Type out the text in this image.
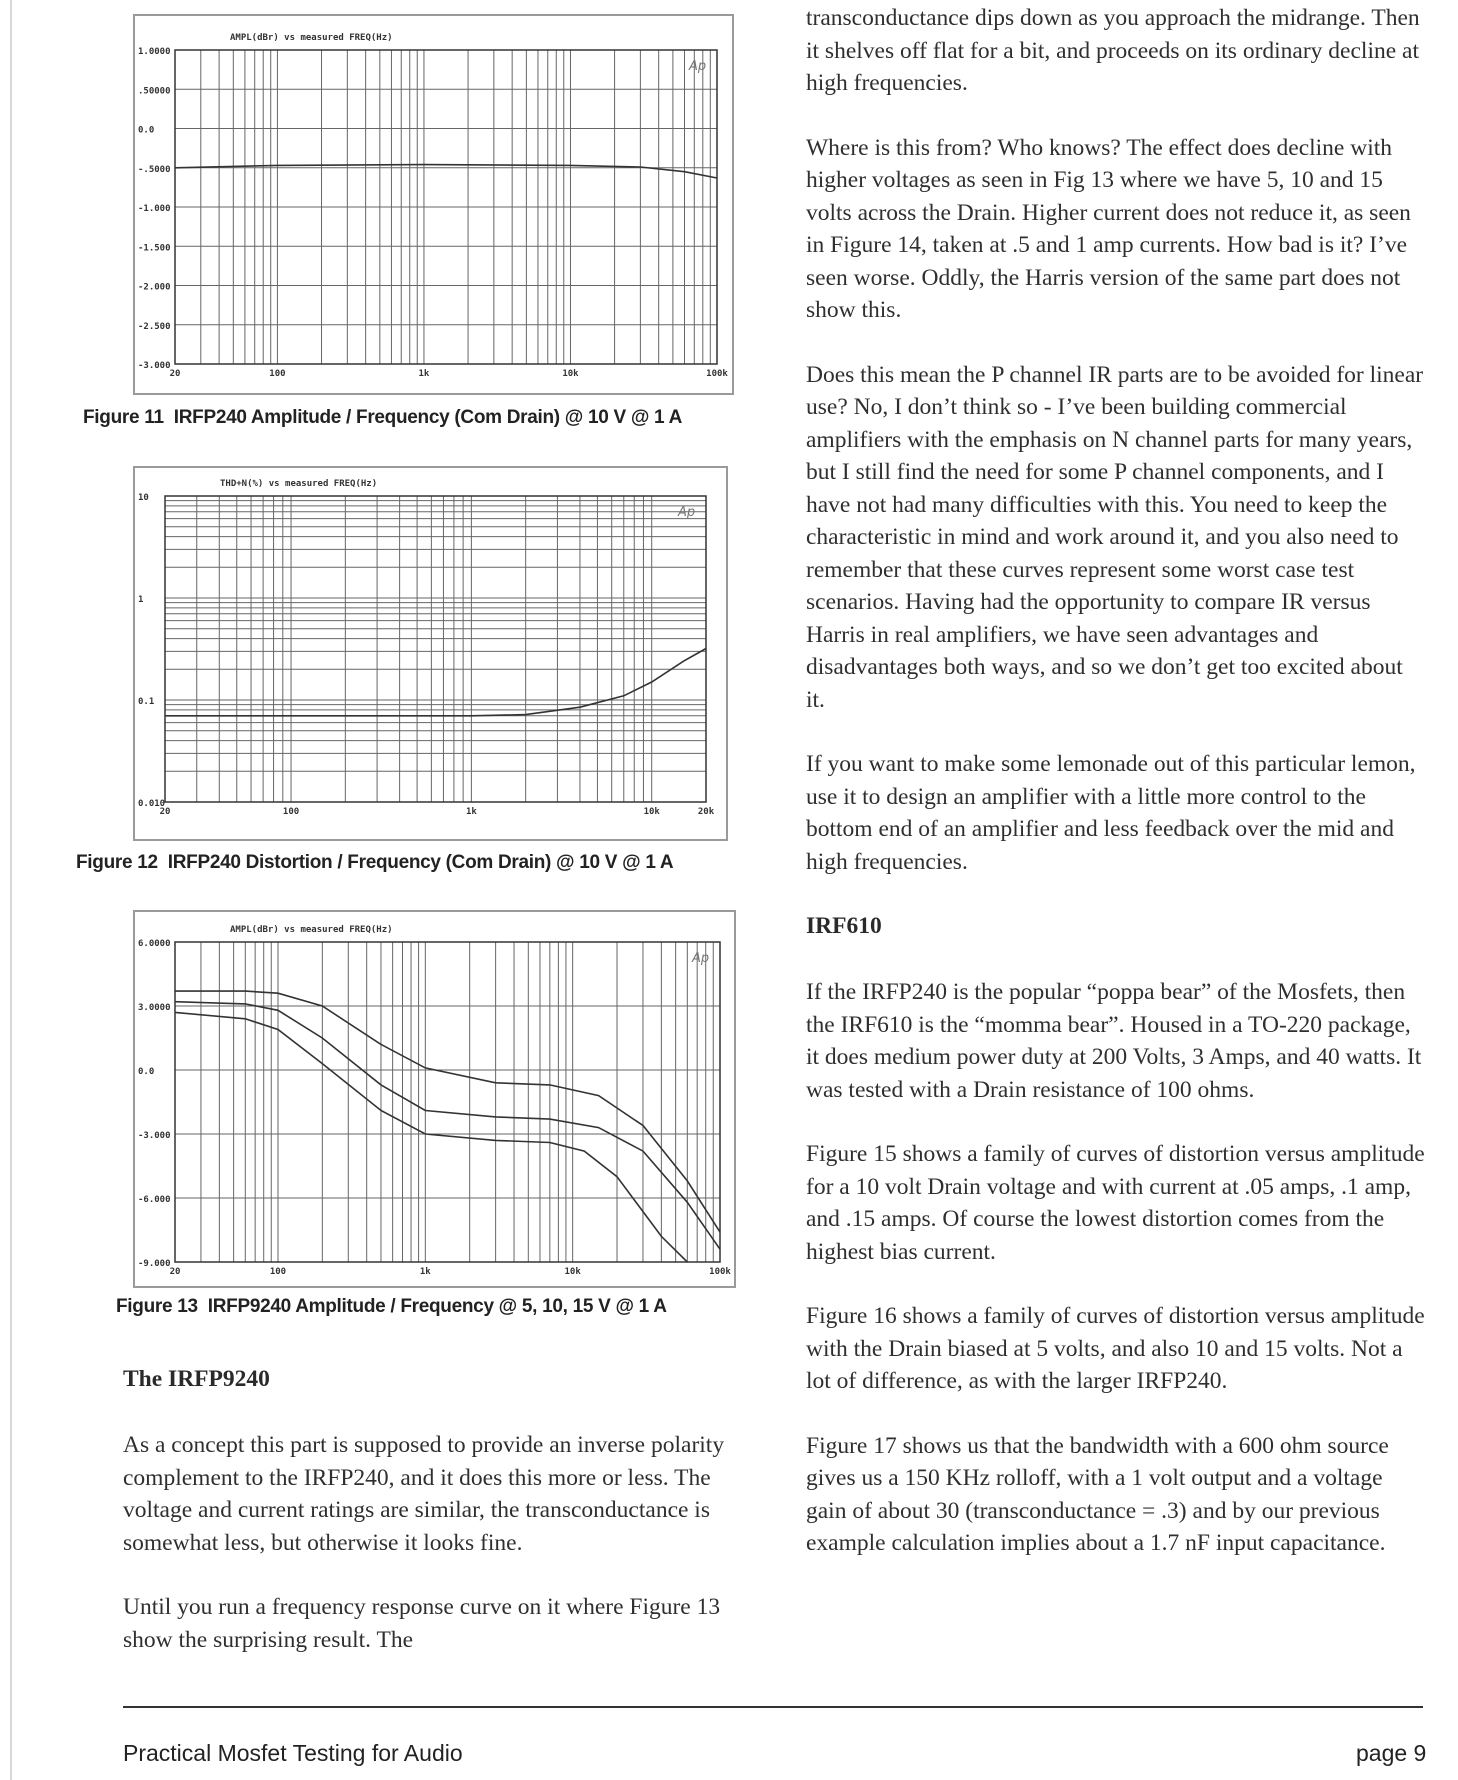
AMPL(dBr) vs measured FREQ(Hz)
1.0000
.50000
0.0
-.5000
-1.000
-1.500
-2.000
-2.500
-3.000
20	100	1k	10k	100k
Ap
Figure 11 IRFP240 Amplitude / Frequency (Com Drain) @ 10 V @ 1 A
THD+N(%) vs measured FREQ(Hz)
10
1
0.1
0.010
20	100	1k	10k	20k
Ap
Figure 12 IRFP240 Distortion / Frequency (Com Drain) @ 10 V @ 1 A
AMPL(dBr) vs measured FREQ(Hz)
6.0000
3.0000
0.0
-3.000
-6.000
-9.000
20	100	1k	10k	100k
Ap
Figure 13 IRFP9240 Amplitude / Frequency @ 5, 10, 15 V @ 1 A
The IRFP9240

As a concept this part is supposed to provide an inverse polarity complement to the IRFP240, and it does this more or less. The voltage and current ratings are similar, the transconductance is somewhat less, but otherwise it looks fine.

Until you run a frequency response curve on it where Figure 13 show the surprising result. The

transconductance dips down as you approach the midrange. Then it shelves off flat for a bit, and proceeds on its ordinary decline at high frequencies.

Where is this from? Who knows? The effect does decline with higher voltages as seen in Fig 13 where we have 5, 10 and 15 volts across the Drain. Higher current does not reduce it, as seen in Figure 14, taken at .5 and 1 amp currents. How bad is it? I’ve seen worse. Oddly, the Harris version of the same part does not show this.

Does this mean the P channel IR parts are to be avoided for linear use? No, I don’t think so - I’ve been building commercial amplifiers with the emphasis on N channel parts for many years, but I still find the need for some P channel components, and I have not had many difficulties with this. You need to keep the characteristic in mind and work around it, and you also need to remember that these curves represent some worst case test scenarios. Having had the opportunity to compare IR versus Harris in real amplifiers, we have seen advantages and disadvantages both ways, and so we don’t get too excited about it.

If you want to make some lemonade out of this particular lemon, use it to design an amplifier with a little more control to the bottom end of an amplifier and less feedback over the mid and high frequencies.

IRF610

If the IRFP240 is the popular “poppa bear” of the Mosfets, then the IRF610 is the “momma bear”. Housed in a TO-220 package, it does medium power duty at 200 Volts, 3 Amps, and 40 watts. It was tested with a Drain resistance of 100 ohms.

Figure 15 shows a family of curves of distortion versus amplitude for a 10 volt Drain voltage and with current at .05 amps, .1 amp, and .15 amps. Of course the lowest distortion comes from the highest bias current.

Figure 16 shows a family of curves of distortion versus amplitude with the Drain biased at 5 volts, and also 10 and 15 volts. Not a lot of difference, as with the larger IRFP240.

Figure 17 shows us that the bandwidth with a 600 ohm source gives us a 150 KHz rolloff, with a 1 volt output and a voltage gain of about 30 (transconductance = .3) and by our previous example calculation implies about a 1.7 nF input capacitance.

Practical Mosfet Testing for Audio	page 9
